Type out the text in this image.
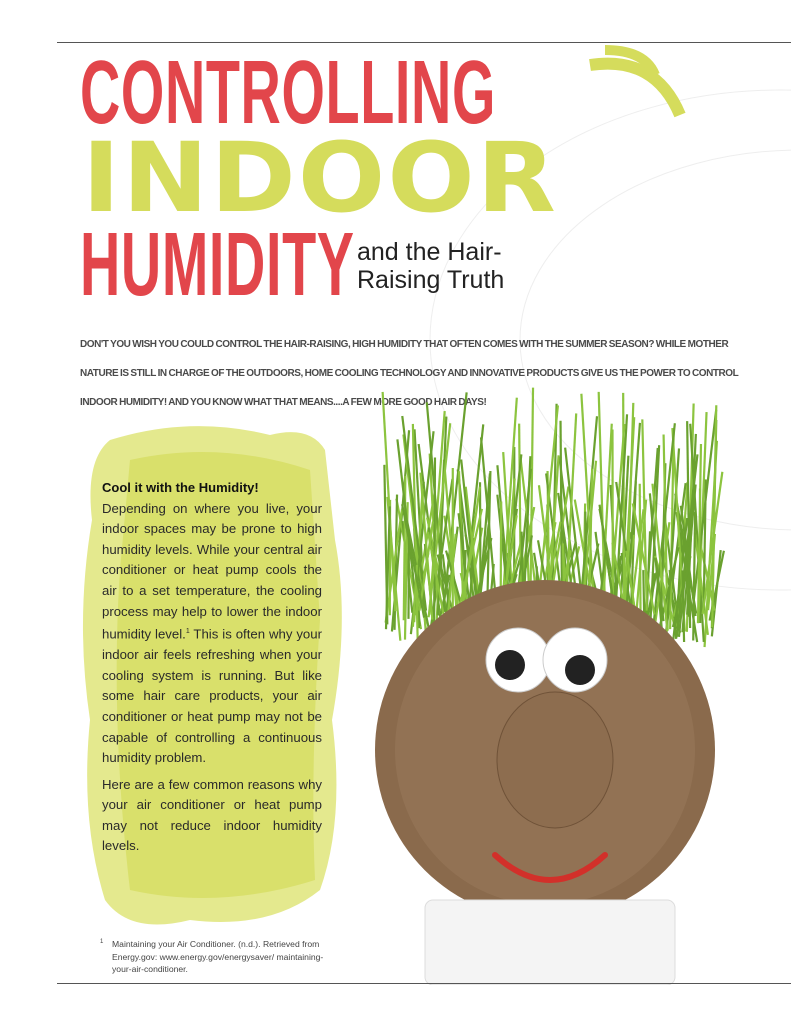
CONTROLLING
INDOOR
HUMIDITY and the Hair-
Raising Truth
DON'T YOU WISH YOU COULD CONTROL THE HAIR-RAISING, HIGH HUMIDITY THAT OFTEN COMES WITH THE SUMMER SEASON? WHILE MOTHER
NATURE IS STILL IN CHARGE OF THE OUTDOORS, HOME COOLING TECHNOLOGY AND INNOVATIVE PRODUCTS GIVE US THE POWER TO CONTROL
INDOOR HUMIDITY! AND YOU KNOW WHAT THAT MEANS....A FEW MORE GOOD HAIR DAYS!
Cool it with the Humidity!

Depending on where you live, your indoor spaces may be prone to high humidity levels. While your central air conditioner or heat pump cools the air to a set temperature, the cooling process may help to lower the indoor humidity level.$^1$ This is often why your indoor air feels refreshing when your cooling system is running. But like some hair care products, your air conditioner or heat pump may not be capable of controlling a continuous humidity problem.

Here are a few common reasons why your air conditioner or heat pump may not reduce indoor humidity levels.

1	Maintaining your Air Conditioner. (n.d.). Retrieved from Energy.gov: www.energy.gov/energysaver/ maintaining-your-air-conditioner.
